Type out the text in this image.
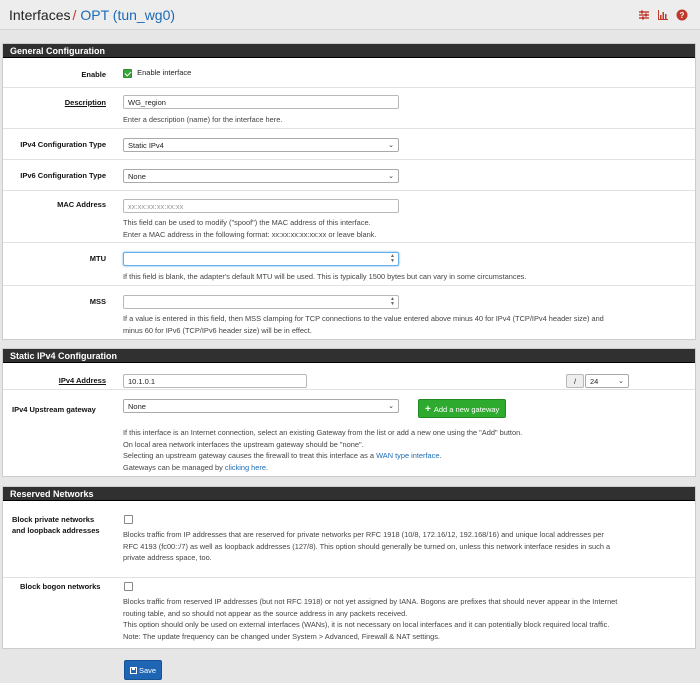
Interfaces / OPT (tun_wg0)	?
General Configuration
Enable	Enable interface
Description	WG_region
Enter a description (name) for the interface here.
IPv4 Configuration Type	Static IPv4	⌄
IPv6 Configuration Type	None	⌄
MAC Address	xx:xx:xx:xx:xx:xx
This field can be used to modify ("spoof") the MAC address of this interface.
Enter a MAC address in the following format: xx:xx:xx:xx:xx:xx or leave blank.
MTU	▲
▼
If this field is blank, the adapter's default MTU will be used. This is typically 1500 bytes but can vary in some circumstances.
MSS	▲
▼
If a value is entered in this field, then MSS clamping for TCP connections to the value entered above minus 40 for IPv4 (TCP/IPv4 header size) and
minus 60 for IPv6 (TCP/IPv6 header size) will be in effect.
Static IPv4 Configuration
IPv4 Address	10.1.0.1	/	24	⌄
IPv4 Upstream gateway	None	⌄	+ Add a new gateway
If this interface is an Internet connection, select an existing Gateway from the list or add a new one using the "Add" button.
On local area network interfaces the upstream gateway should be "none".
Selecting an upstream gateway causes the firewall to treat this interface as a WAN type interface.
Gateways can be managed by clicking here.
Reserved Networks
Block private networks
and loopback addresses	Blocks traffic from IP addresses that are reserved for private networks per RFC 1918 (10/8, 172.16/12, 192.168/16) and unique local addresses per
RFC 4193 (fc00::/7) as well as loopback addresses (127/8). This option should generally be turned on, unless this network interface resides in such a
private address space, too.
Block bogon networks
Blocks traffic from reserved IP addresses (but not RFC 1918) or not yet assigned by IANA. Bogons are prefixes that should never appear in the Internet
routing table, and so should not appear as the source address in any packets received.
This option should only be used on external interfaces (WANs), it is not necessary on local interfaces and it can potentially block required local traffic.
Note: The update frequency can be changed under System > Advanced, Firewall & NAT settings.
Save
